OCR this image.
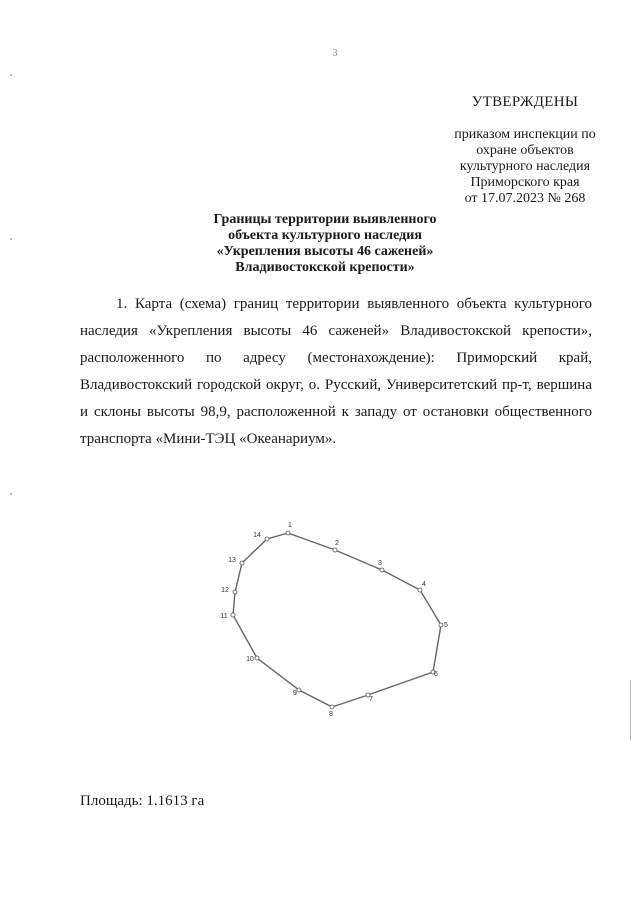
3
УТВЕРЖДЕНЫ
приказом инспекции по
охране объектов
культурного наследия
Приморского края
от 17.07.2023 № 268
Границы территории выявленного
объекта культурного наследия
«Укрепления высоты 46 саженей»
Владивостокской крепости»
1. Карта (схема) границ территории выявленного объекта культурного
наследия «Укрепления высоты 46 саженей» Владивостокской крепости»,
расположенного по адресу (местонахождение): Приморский край,
Владивостокский городской округ, о. Русский, Университетский пр-т, вершина
и склоны высоты 98,9, расположенной к западу от остановки общественного
транспорта «Мини-ТЭЦ «Океанариум».
1
2
3
4
5
6
7
8
9
10
11
12
13
14
Площадь: 1.1613 га
